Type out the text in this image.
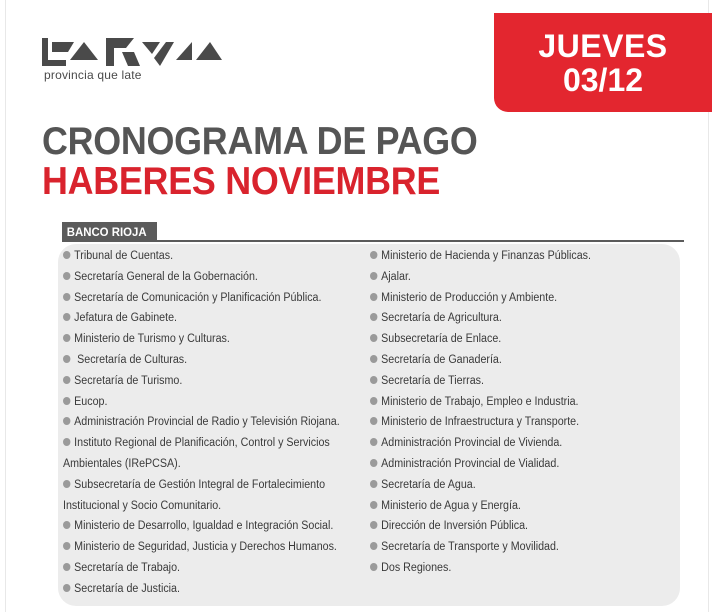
provincia que late
JUEVES
03/12
CRONOGRAMA DE PAGO
HABERES NOVIEMBRE
BANCO RIOJA
Tribunal de Cuentas.
Secretaría General de la Gobernación.
Secretaría de Comunicación y Planificación Pública.
Jefatura de Gabinete.
Ministerio de Turismo y Culturas.
Secretaría de Culturas.
Secretaría de Turismo.
Eucop.
Administración Provincial de Radio y Televisión Riojana.
Instituto Regional de Planificación, Control y Servicios
Ambientales (IRePCSA).
Subsecretaría de Gestión Integral de Fortalecimiento
Institucional y Socio Comunitario.
Ministerio de Desarrollo, Igualdad e Integración Social.
Ministerio de Seguridad, Justicia y Derechos Humanos.
Secretaría de Trabajo.
Secretaría de Justicia.
Ministerio de Hacienda y Finanzas Públicas.
Ajalar.
Ministerio de Producción y Ambiente.
Secretaría de Agricultura.
Subsecretaría de Enlace.
Secretaría de Ganadería.
Secretaría de Tierras.
Ministerio de Trabajo, Empleo e Industria.
Ministerio de Infraestructura y Transporte.
Administración Provincial de Vivienda.
Administración Provincial de Vialidad.
Secretaría de Agua.
Ministerio de Agua y Energía.
Dirección de Inversión Pública.
Secretaría de Transporte y Movilidad.
Dos Regiones.
